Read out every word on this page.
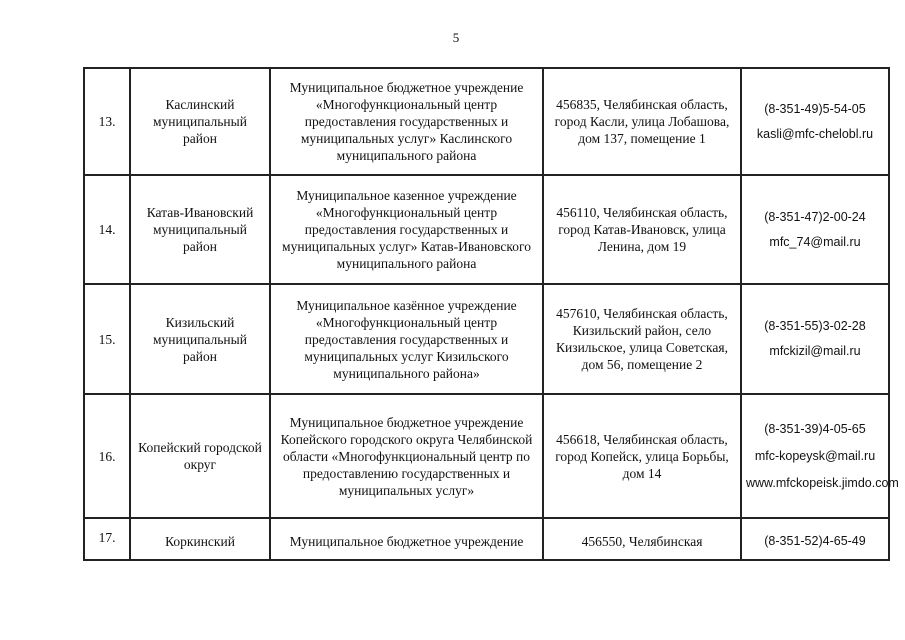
5
13.	Каслинский муниципальный район	Муниципальное бюджетное учреждение «Многофункциональный центр предоставления государственных и муниципальных услуг» Каслинского муниципального района	456835, Челябинская область, город Касли, улица Лобашова, дом 137, помещение 1	(8-351-49)5-54-05
kasli@mfc-chelobl.ru

14.	Катав-Ивановский муниципальный район	Муниципальное казенное учреждение «Многофункциональный центр предоставления государственных и муниципальных услуг» Катав-Ивановского муниципального района	456110, Челябинская область, город Катав-Ивановск, улица Ленина, дом 19	(8-351-47)2-00-24
mfc_74@mail.ru

15.	Кизильский муниципальный район	Муниципальное казённое учреждение «Многофункциональный центр предоставления государственных и муниципальных услуг Кизильского муниципального района»	457610, Челябинская область, Кизильский район, село Кизильское, улица Советская, дом 56, помещение 2	(8-351-55)3-02-28
mfckizil@mail.ru

16.	Копейский городской округ	Муниципальное бюджетное учреждение Копейского городского округа Челябинской области «Многофункциональный центр по предоставлению государственных и муниципальных услуг»	456618, Челябинская область, город Копейск, улица Борьбы, дом 14	(8-351-39)4-05-65
mfc-kopeysk@mail.ru
www.mfckopeisk.jimdo.com

17.	Коркинский	Муниципальное бюджетное учреждение	456550, Челябинская	(8-351-52)4-65-49
